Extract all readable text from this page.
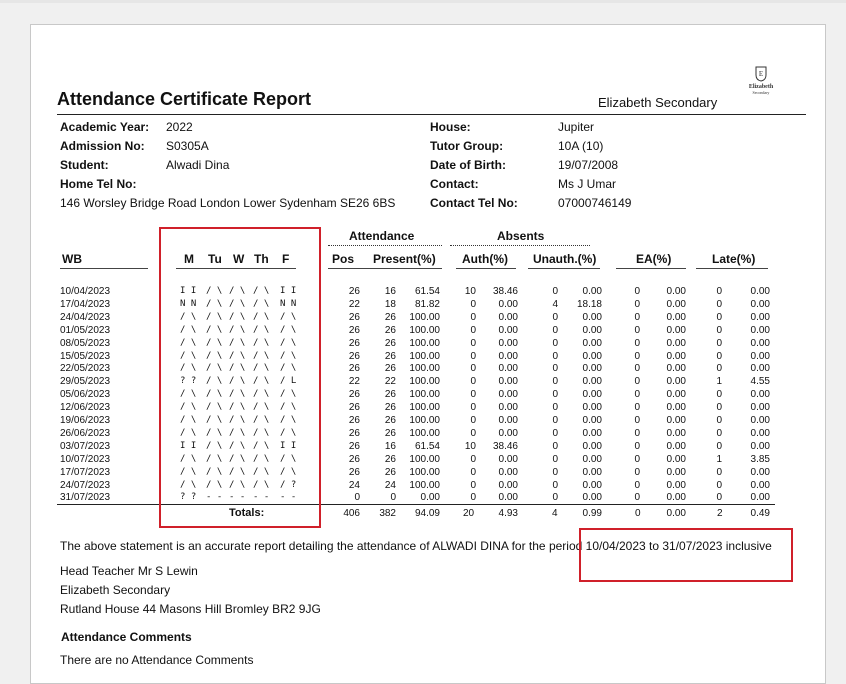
Attendance Certificate Report	Elizabeth Secondary
E
Elizabeth
Secondary
Academic Year: 2022
Admission No: S0305A
Student:	Alwadi Dina
Home Tel No:
146 Worsley Bridge Road London Lower Sydenham SE26 6BS
House:	Jupiter
Tutor Group:	10A (10)
Date of Birth:	19/07/2008
Contact:	Ms J Umar
Contact Tel No:	07000746149
Attendance	Absents
WB	M Tu W Th F	Pos Present(%) Auth(%) Unauth.(%)	EA(%)	Late(%)
10/04/2023	I I	/ \ / \ / \	I I	26	16	61.54	10	38.46	0	0.00	0	0.00	0	0.00
17/04/2023	N N	/ \ / \ / \	N N	22	18	81.82	0	0.00	4	18.18	0	0.00	0	0.00
24/04/2023	/ \	/ \ / \ / \	/ \	26	26	100.00	0	0.00	0	0.00	0	0.00	0	0.00
01/05/2023	/ \	/ \ / \ / \	/ \	26	26	100.00	0	0.00	0	0.00	0	0.00	0	0.00
08/05/2023	/ \	/ \ / \ / \	/ \	26	26	100.00	0	0.00	0	0.00	0	0.00	0	0.00
15/05/2023	/ \	/ \ / \ / \	/ \	26	26	100.00	0	0.00	0	0.00	0	0.00	0	0.00
22/05/2023	/ \	/ \ / \ / \	/ \	26	26	100.00	0	0.00	0	0.00	0	0.00	0	0.00
29/05/2023	? ?	/ \ / \ / \	/ L	22	22	100.00	0	0.00	0	0.00	0	0.00	1	4.55
05/06/2023	/ \	/ \ / \ / \	/ \	26	26	100.00	0	0.00	0	0.00	0	0.00	0	0.00
12/06/2023	/ \	/ \ / \ / \	/ \	26	26	100.00	0	0.00	0	0.00	0	0.00	0	0.00
19/06/2023	/ \	/ \ / \ / \	/ \	26	26	100.00	0	0.00	0	0.00	0	0.00	0	0.00
26/06/2023	/ \	/ \ / \ / \	/ \	26	26	100.00	0	0.00	0	0.00	0	0.00	0	0.00
03/07/2023	I I	/ \ / \ / \	I I	26	16	61.54	10	38.46	0	0.00	0	0.00	0	0.00
10/07/2023	/ \	/ \ / \ / \	/ \	26	26	100.00	0	0.00	0	0.00	0	0.00	1	3.85
17/07/2023	/ \	/ \ / \ / \	/ \	26	26	100.00	0	0.00	0	0.00	0	0.00	0	0.00
24/07/2023	/ \	/ \ / \ / \	/ ?	24	24	100.00	0	0.00	0	0.00	0	0.00	0	0.00
31/07/2023	? ?	- - - - - -	- -	0	0	0.00	0	0.00	0	0.00	0	0.00	0	0.00
Totals:	406	382	94.09 20	4.93	4	0.99	0	0.00	2	0.49
The above statement is an accurate report detailing the attendance of ALWADI DINA for the period 10/04/2023 to 31/07/2023 inclusive
Head Teacher Mr S Lewin
Elizabeth Secondary
Rutland House 44 Masons Hill Bromley BR2 9JG
Attendance Comments
There are no Attendance Comments
